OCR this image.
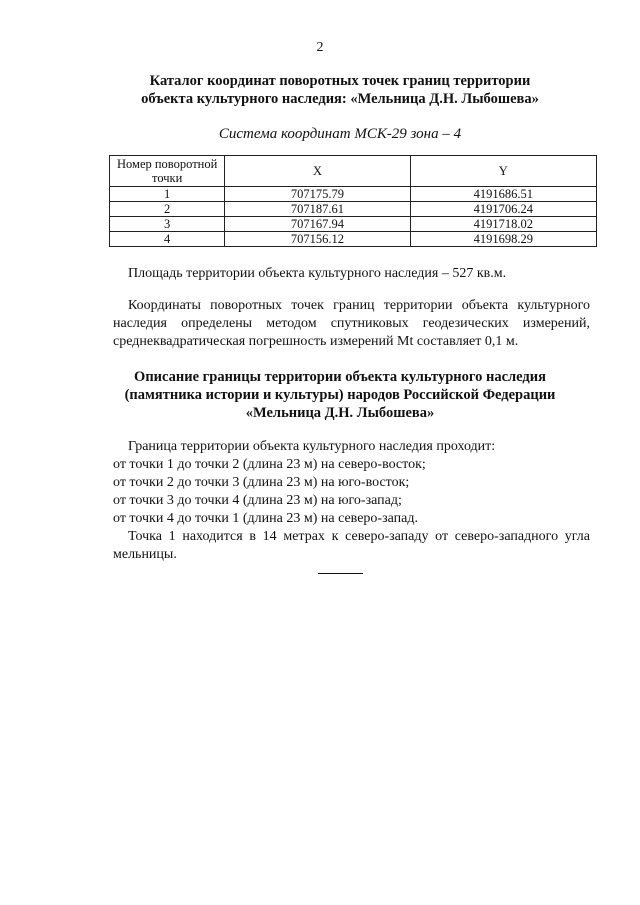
2
Каталог координат поворотных точек границ территории
объекта культурного наследия: «Мельница Д.Н. Лыбошева»
Система координат МСК-29 зона – 4
Номер поворотной точки	X	Y
1	707175.79	4191686.51
2	707187.61	4191706.24
3	707167.94	4191718.02
4	707156.12	4191698.29
Площадь территории объекта культурного наследия – 527 кв.м.
Координаты поворотных точек границ территории объекта культурного наследия определены методом спутниковых геодезических измерений, среднеквадратическая погрешность измерений Mt составляет 0,1 м.
Описание границы территории объекта культурного наследия
(памятника истории и культуры) народов Российской Федерации
«Мельница Д.Н. Лыбошева»
Граница территории объекта культурного наследия проходит:
от точки 1 до точки 2 (длина 23 м) на северо-восток;
от точки 2 до точки 3 (длина 23 м) на юго-восток;
от точки 3 до точки 4 (длина 23 м) на юго-запад;
от точки 4 до точки 1 (длина 23 м) на северо-запад.
Точка 1 находится в 14 метрах к северо-западу от северо-западного угла мельницы.
